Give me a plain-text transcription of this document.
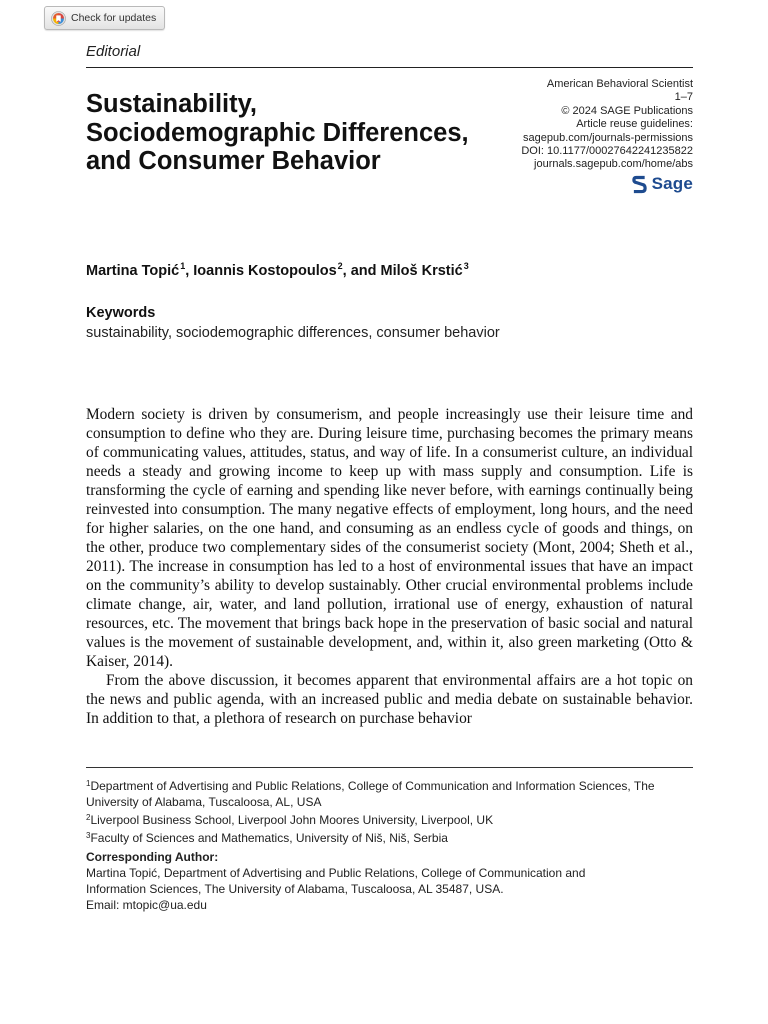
Check for updates
Editorial
Sustainability, Sociodemographic Differences, and Consumer Behavior
American Behavioral Scientist
1–7
© 2024 SAGE Publications
Article reuse guidelines:
sagepub.com/journals-permissions
DOI: 10.1177/00027642241235822
journals.sagepub.com/home/abs
Sage
Martina Topić$^1$, Ioannis Kostopoulos$^2$, and Miloš Krstić$^3$
Keywords
sustainability, sociodemographic differences, consumer behavior

Modern society is driven by consumerism, and people increasingly use their leisure time and consumption to define who they are. During leisure time, purchasing becomes the primary means of communicating values, attitudes, status, and way of life. In a consumerist culture, an individual needs a steady and growing income to keep up with mass supply and consumption. Life is transforming the cycle of earning and spending like never before, with earnings continually being reinvested into consumption. The many negative effects of employment, long hours, and the need for higher salaries, on the one hand, and consuming as an endless cycle of goods and things, on the other, produce two complementary sides of the consumerist society (Mont, 2004; Sheth et al., 2011). The increase in consumption has led to a host of environmental issues that have an impact on the community’s ability to develop sustainably. Other crucial environmental problems include climate change, air, water, and land pollution, irrational use of energy, exhaustion of natural resources, etc. The movement that brings back hope in the preservation of basic social and natural values is the movement of sustainable development, and, within it, also green marketing (Otto & Kaiser, 2014).

From the above discussion, it becomes apparent that environmental affairs are a hot topic on the news and public agenda, with an increased public and media debate on sustainable behavior. In addition to that, a plethora of research on purchase behavior

$^1$Department of Advertising and Public Relations, College of Communication and Information Sciences, The University of Alabama, Tuscaloosa, AL, USA
$^2$Liverpool Business School, Liverpool John Moores University, Liverpool, UK
$^3$Faculty of Sciences and Mathematics, University of Niš, Niš, Serbia
Corresponding Author:
Martina Topić, Department of Advertising and Public Relations, College of Communication and
Information Sciences, The University of Alabama, Tuscaloosa, AL 35487, USA.
Email: mtopic@ua.edu
